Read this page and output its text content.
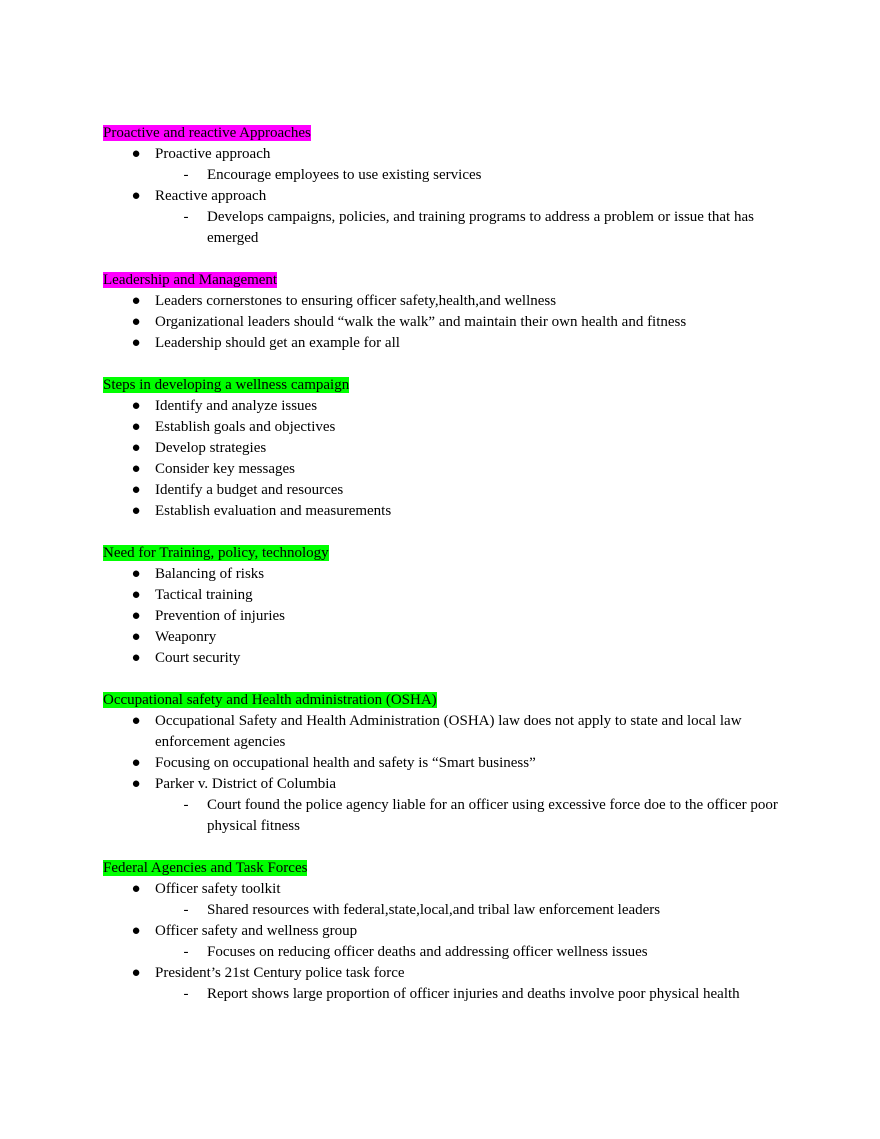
Proactive and reactive Approaches
● Proactive approach
- Encourage employees to use existing services
● Reactive approach
- Develops campaigns, policies, and training programs to address a problem or issue that has emerged
Leadership and Management
● Leaders cornerstones to ensuring officer safety,health,and wellness
● Organizational leaders should “walk the walk” and maintain their own health and fitness
● Leadership should get an example for all
Steps in developing a wellness campaign
● Identify and analyze issues
● Establish goals and objectives
● Develop strategies
● Consider key messages
● Identify a budget and resources
● Establish evaluation and measurements
Need for Training, policy, technology
● Balancing of risks
● Tactical training
● Prevention of injuries
● Weaponry
● Court security
Occupational safety and Health administration (OSHA)
● Occupational Safety and Health Administration (OSHA) law does not apply to state and local law enforcement agencies
● Focusing on occupational health and safety is “Smart business”
● Parker v. District of Columbia
- Court found the police agency liable for an officer using excessive force doe to the officer poor physical fitness
Federal Agencies and Task Forces
● Officer safety toolkit
- Shared resources with federal,state,local,and tribal law enforcement leaders
● Officer safety and wellness group
- Focuses on reducing officer deaths and addressing officer wellness issues
● President’s 21st Century police task force
- Report shows large proportion of officer injuries and deaths involve poor physical health
